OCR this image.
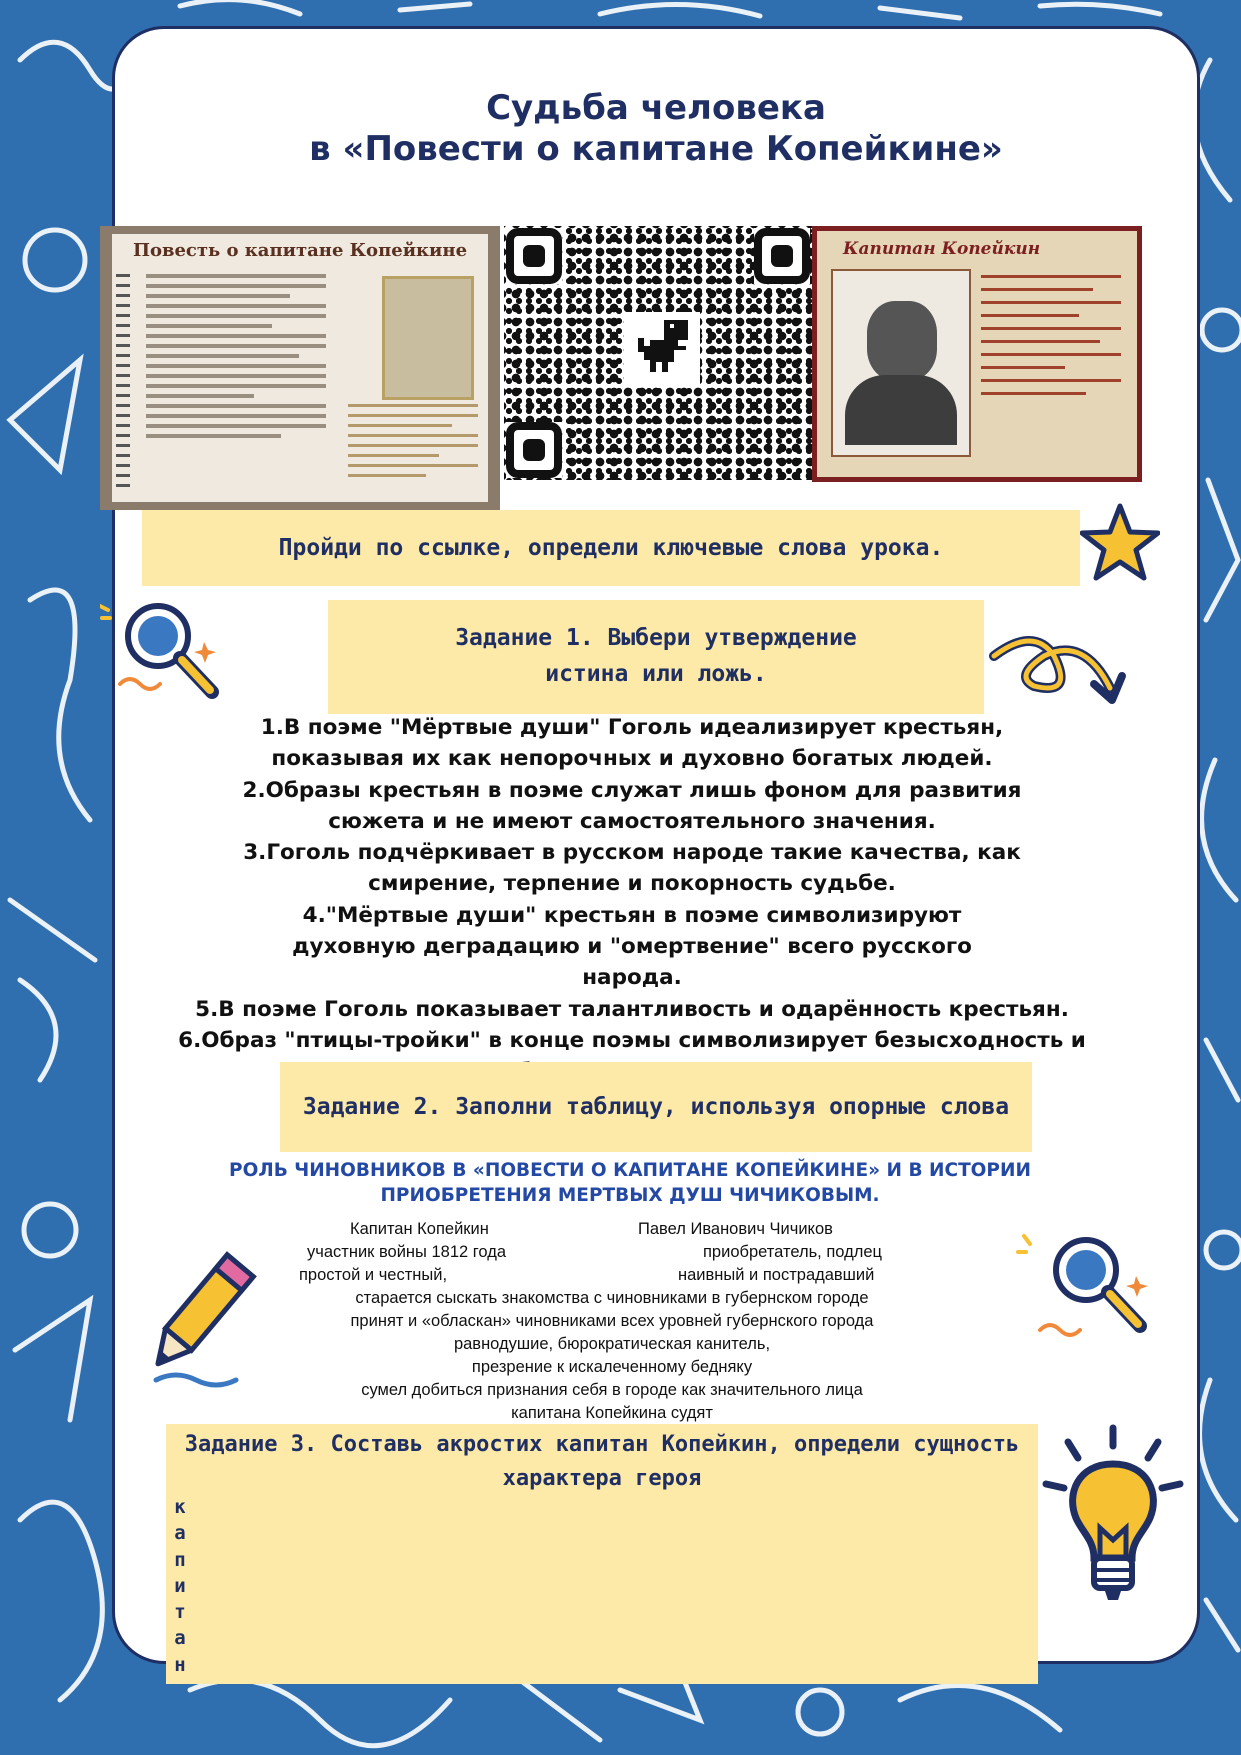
Судьба человека
в «Повести о капитане Копейкине»
Повесть о капитане Копейкине	Капитан Копейкин
Пройди по ссылке, определи ключевые слова урока.
Задание 1. Выбери утверждение
истина или ложь.
1.В поэме "Мёртвые души" Гоголь идеализирует крестьян, показывая их как непорочных и духовно богатых людей.
2.Образы крестьян в поэме служат лишь фоном для развития сюжета и не имеют самостоятельного значения.
3.Гоголь подчёркивает в русском народе такие качества, как смирение, терпение и покорность судьбе.
4."Мёртвые души" крестьян в поэме символизируют духовную деградацию и "омертвение" всего русского народа.
5.В поэме Гоголь показывает талантливость и одарённость крестьян.
6.Образ "птицы-тройки" в конце поэмы символизирует безысходность и
Задание 2. Заполни таблицу, используя опорные слова
РОЛЬ ЧИНОВНИКОВ В «ПОВЕСТИ О КАПИТАНЕ КОПЕЙКИНЕ» И В ИСТОРИИ
ПРИОБРЕТЕНИЯ МЕРТВЫХ ДУШ ЧИЧИКОВЫМ.
Капитан Копейкин	Павел Иванович Чичиков
участник войны 1812 года	приобретатель, подлец
простой и честный,	наивный и пострадавший
старается сыскать знакомства с чиновниками в губернском городе
принят и «обласкан» чиновниками всех уровней губернского города
равнодушие, бюрократическая канитель,
презрение к искалеченному бедняку
сумел добиться признания себя в городе как значительного лица
капитана Копейкина судят
Задание 3. Составь акростих капитан Копейкин, определи сущность
характера героя
к
а
п
и
т
а
н
